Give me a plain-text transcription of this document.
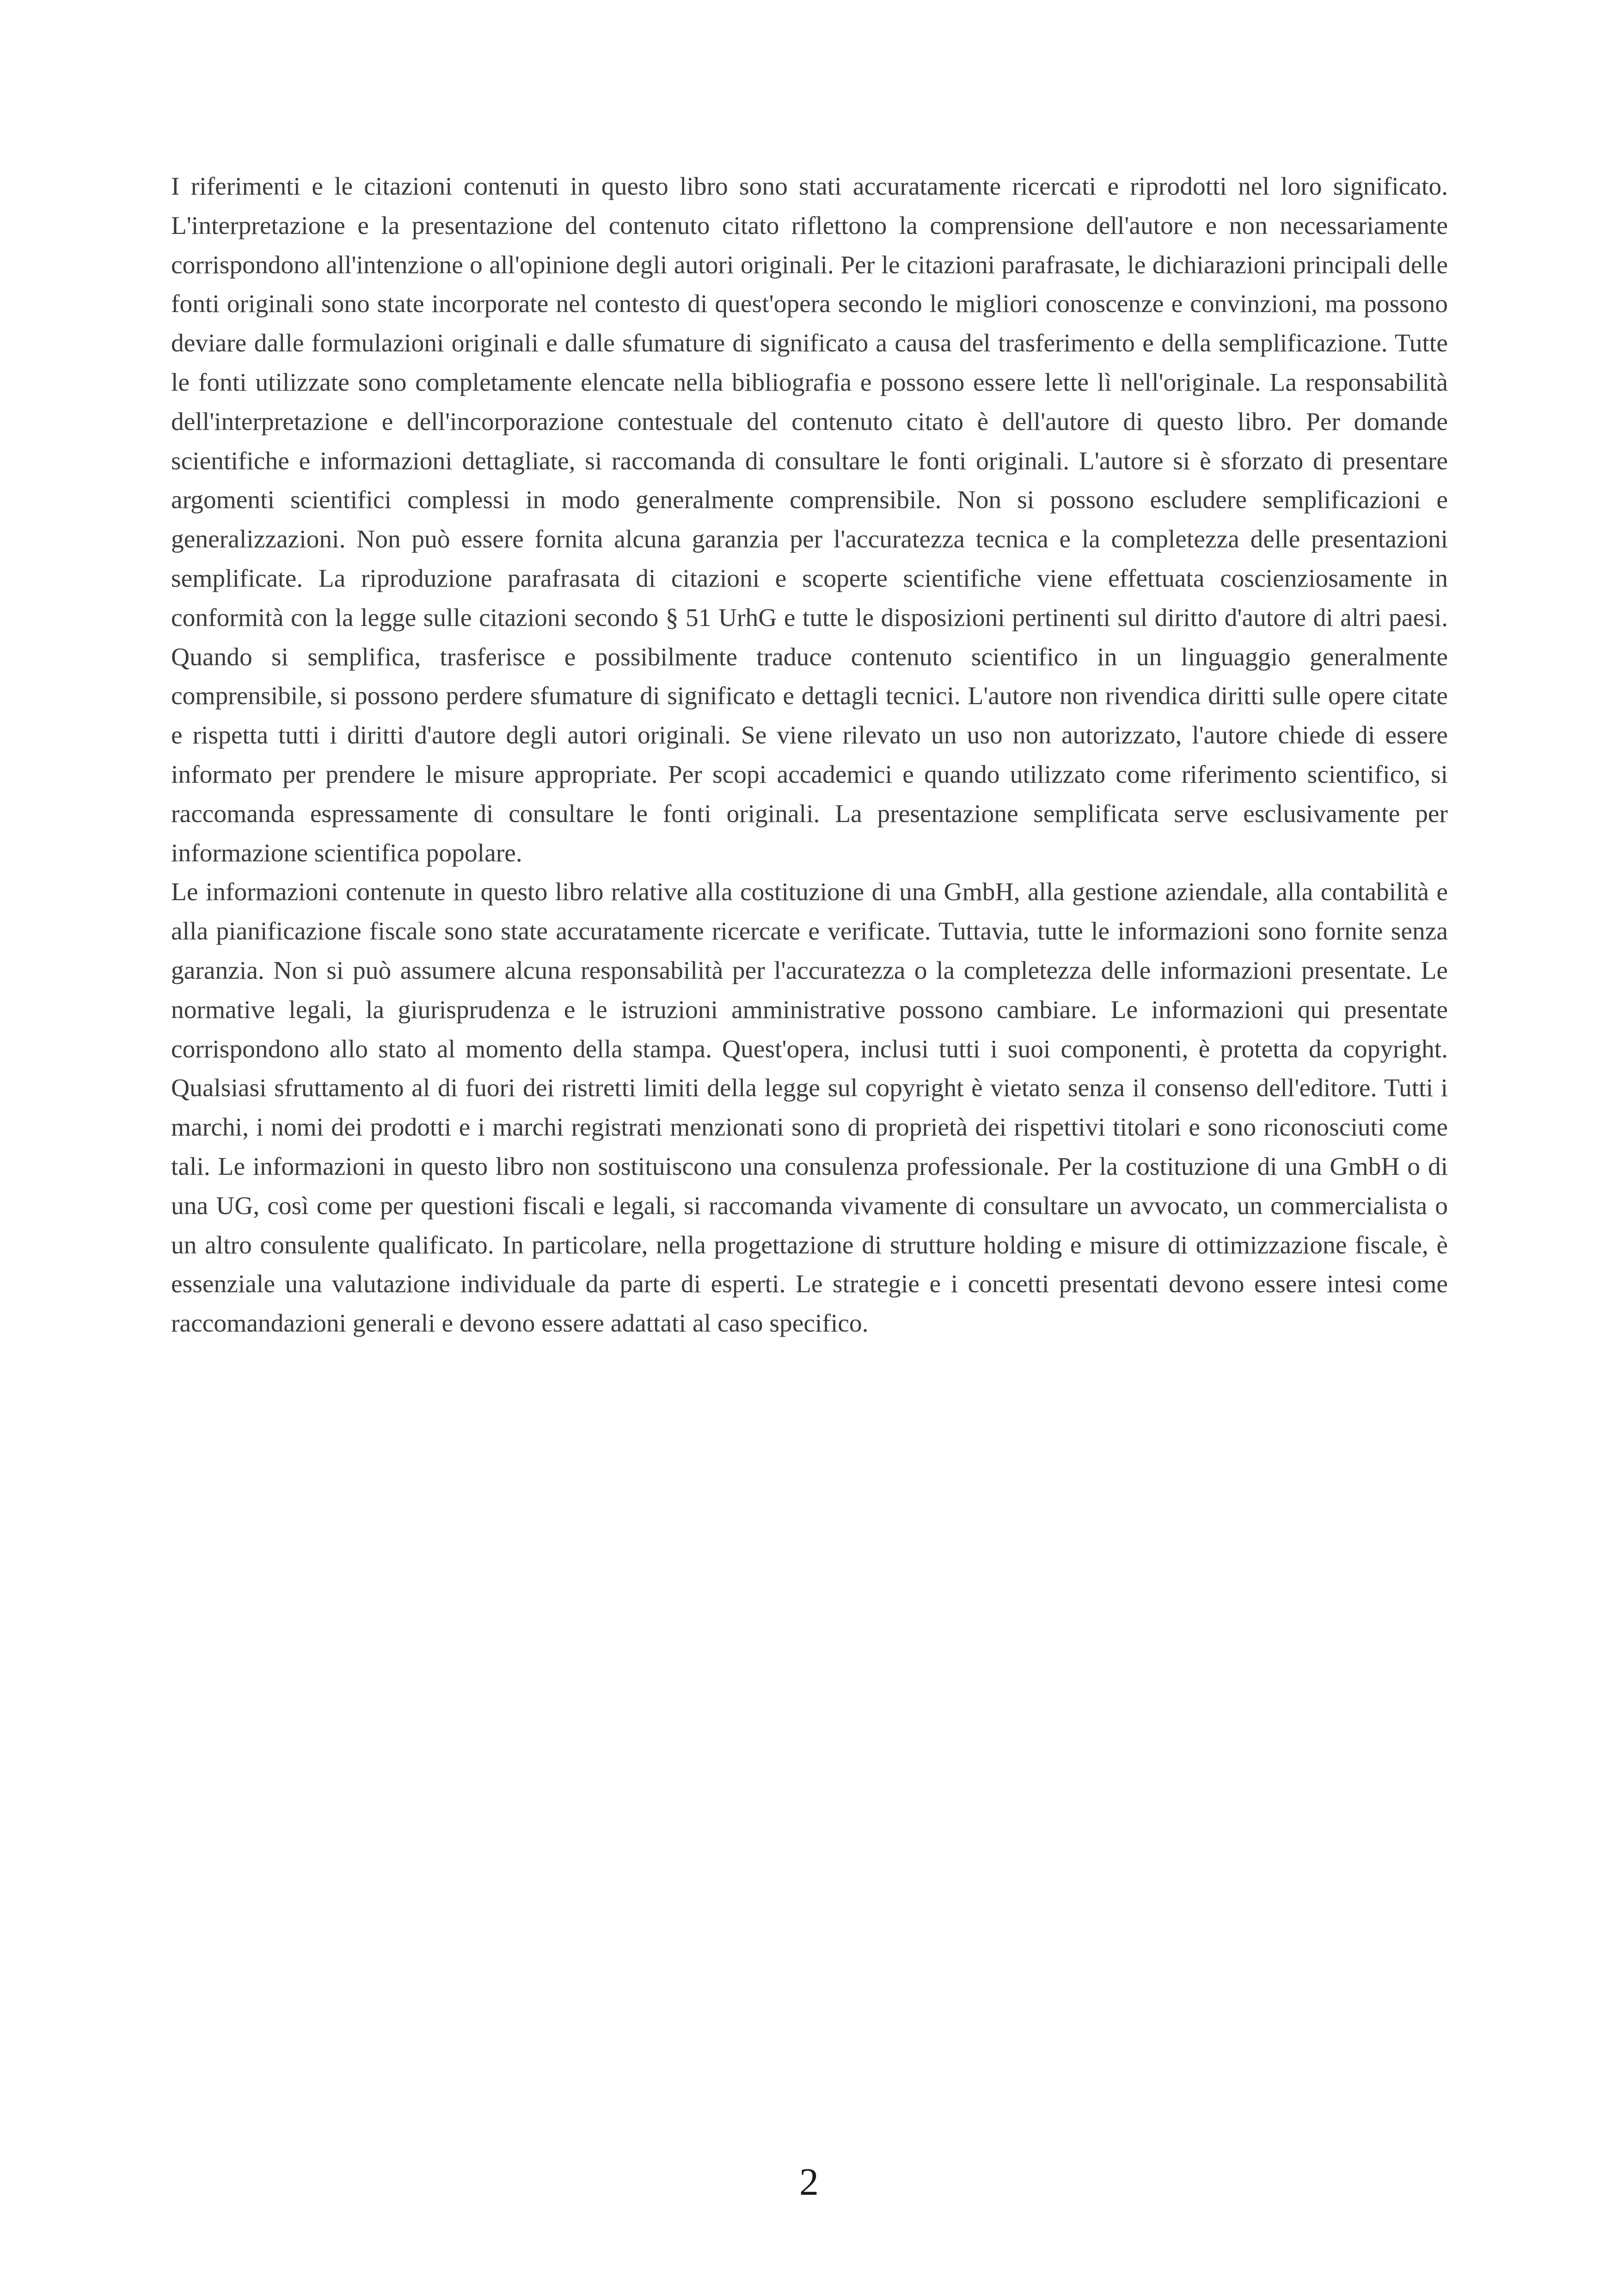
I riferimenti e le citazioni contenuti in questo libro sono stati accuratamente ricercati e riprodotti nel loro significato. L'interpretazione e la presentazione del contenuto citato riflettono la comprensione dell'autore e non necessariamente corrispondono all'intenzione o all'opinione degli autori originali. Per le citazioni parafrasate, le dichiarazioni principali delle fonti originali sono state incorporate nel contesto di quest'opera secondo le migliori conoscenze e convinzioni, ma possono deviare dalle formulazioni originali e dalle sfumature di significato a causa del trasferimento e della semplificazione. Tutte le fonti utilizzate sono completamente elencate nella bibliografia e possono essere lette lì nell'originale. La responsabilità dell'interpretazione e dell'incorporazione contestuale del contenuto citato è dell'autore di questo libro. Per domande scientifiche e informazioni dettagliate, si raccomanda di consultare le fonti originali. L'autore si è sforzato di presentare argomenti scientifici complessi in modo generalmente comprensibile. Non si possono escludere semplificazioni e generalizzazioni. Non può essere fornita alcuna garanzia per l'accuratezza tecnica e la completezza delle presentazioni semplificate. La riproduzione parafrasata di citazioni e scoperte scientifiche viene effettuata coscienziosamente in conformità con la legge sulle citazioni secondo § 51 UrhG e tutte le disposizioni pertinenti sul diritto d'autore di altri paesi. Quando si semplifica, trasferisce e possibilmente traduce contenuto scientifico in un linguaggio generalmente comprensibile, si possono perdere sfumature di significato e dettagli tecnici. L'autore non rivendica diritti sulle opere citate e rispetta tutti i diritti d'autore degli autori originali. Se viene rilevato un uso non autorizzato, l'autore chiede di essere informato per prendere le misure appropriate. Per scopi accademici e quando utilizzato come riferimento scientifico, si raccomanda espressamente di consultare le fonti originali. La presentazione semplificata serve esclusivamente per informazione scientifica popolare.

Le informazioni contenute in questo libro relative alla costituzione di una GmbH, alla gestione aziendale, alla contabilità e alla pianificazione fiscale sono state accuratamente ricercate e verificate. Tuttavia, tutte le informazioni sono fornite senza garanzia. Non si può assumere alcuna responsabilità per l'accuratezza o la completezza delle informazioni presentate. Le normative legali, la giurisprudenza e le istruzioni amministrative possono cambiare. Le informazioni qui presentate corrispondono allo stato al momento della stampa. Quest'opera, inclusi tutti i suoi componenti, è protetta da copyright. Qualsiasi sfruttamento al di fuori dei ristretti limiti della legge sul copyright è vietato senza il consenso dell'editore. Tutti i marchi, i nomi dei prodotti e i marchi registrati menzionati sono di proprietà dei rispettivi titolari e sono riconosciuti come tali. Le informazioni in questo libro non sostituiscono una consulenza professionale. Per la costituzione di una GmbH o di una UG, così come per questioni fiscali e legali, si raccomanda vivamente di consultare un avvocato, un commercialista o un altro consulente qualificato. In particolare, nella progettazione di strutture holding e misure di ottimizzazione fiscale, è essenziale una valutazione individuale da parte di esperti. Le strategie e i concetti presentati devono essere intesi come raccomandazioni generali e devono essere adattati al caso specifico.

2
